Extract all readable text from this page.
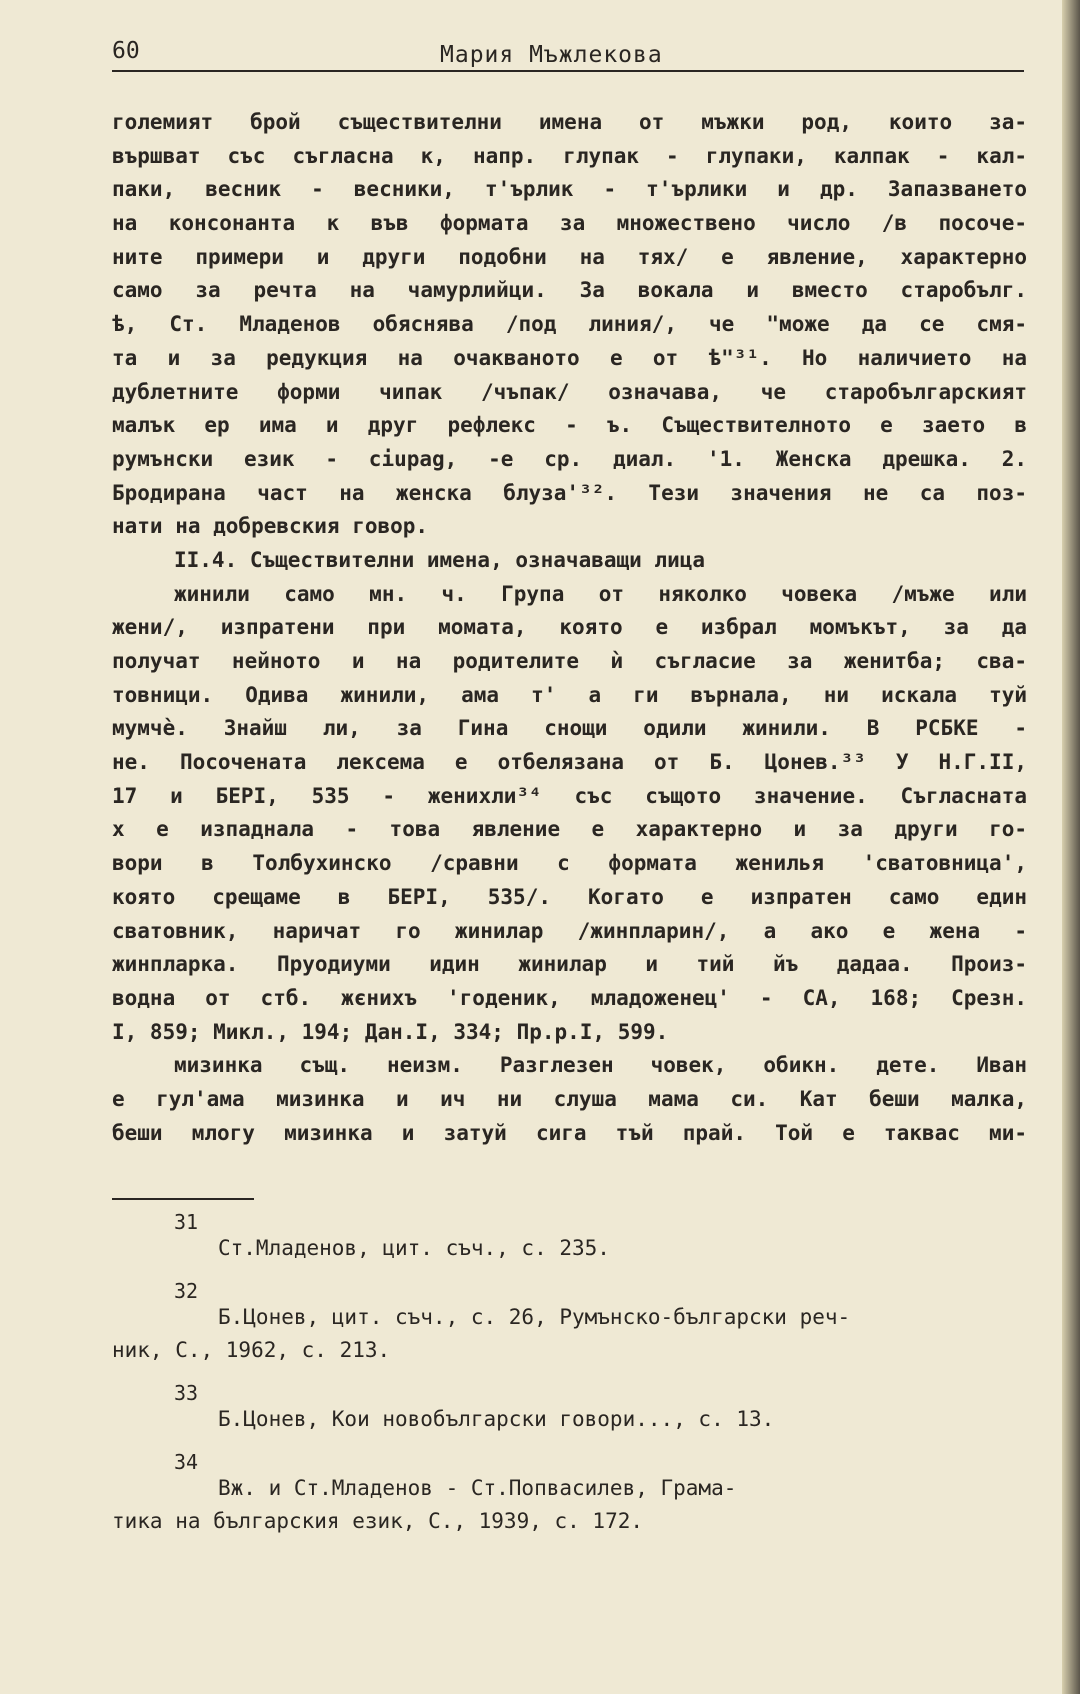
60	Мария Мъжлекова
големият брой съществителни имена от мъжки род, които за-
вършват със съгласна к, напр. глупак - глупаки, калпак - кал-
паки, весник - весники, т'ърлик - т'ърлики и др. Запазването
на консонанта к във формата за множествено число /в посоче-
ните примери и други подобни на тях/ е явление, характерно
само за речта на чамурлийци. За вокала и вместо старобълг.
ѣ, Ст. Младенов обяснява /под линия/, че "може да се смя-
та и за редукция на очакваното е от ѣ"³¹. Но наличието на
дублетните форми чипак /чъпак/ означава, че старобългарският
малък ер има и друг рефлекс - ъ. Съществителното е заето в
румънски език - ciupag, -е ср. диал. '1. Женска дрешка. 2.
Бродирана част на женска блуза'³². Тези значения не са поз-
нати на добревския говор.
II.4. Съществителни имена, означаващи лица
жинили само мн. ч. Група от няколко човека /мъже или
жени/, изпратени при момата, която е избрал момъкът, за да
получат нейното и на родителите ѝ съгласие за женитба; сва-
товници. Одива жинили, ама т' а ги върнала, ни искала туй
мумчѐ. Знайш ли, за Гина снощи одили жинили. В РСБКЕ -
не. Посочената лексема е отбелязана от Б. Цонев.³³ У Н.Г.II,
17 и БЕРI, 535 - женихли³⁴ със същото значение. Съгласната
х е изпаднала - това явление е характерно и за други го-
вори в Толбухинско /сравни с формата женилья 'сватовница',
която срещаме в БЕРI, 535/. Когато е изпратен само един
сватовник, наричат го жинилар /жинпларин/, а ако е жена -
жинпларка. Пруодиуми идин жинилар и тий йъ дадаа. Произ-
водна от стб. жєнихъ 'годеник, младоженец' - СА, 168; Срезн.
I, 859; Микл., 194; Дан.I, 334; Пр.р.I, 599.
мизинка същ. неизм. Разглезен човек, обикн. дете. Иван
е гул'ама мизинка и ич ни слуша мама си. Кат беши малка,
беши млогу мизинка и затуй сига тъй прай. Той е таквас ми-
31
Ст.Младенов, цит. съч., с. 235.
32
Б.Цонев, цит. съч., с. 26, Румънско-български реч-
ник, С., 1962, с. 213.
33
Б.Цонев, Кои новобългарски говори..., с. 13.
34
Вж. и Ст.Младенов - Ст.Попвасилев, Грама-
тика на българския език, С., 1939, с. 172.
